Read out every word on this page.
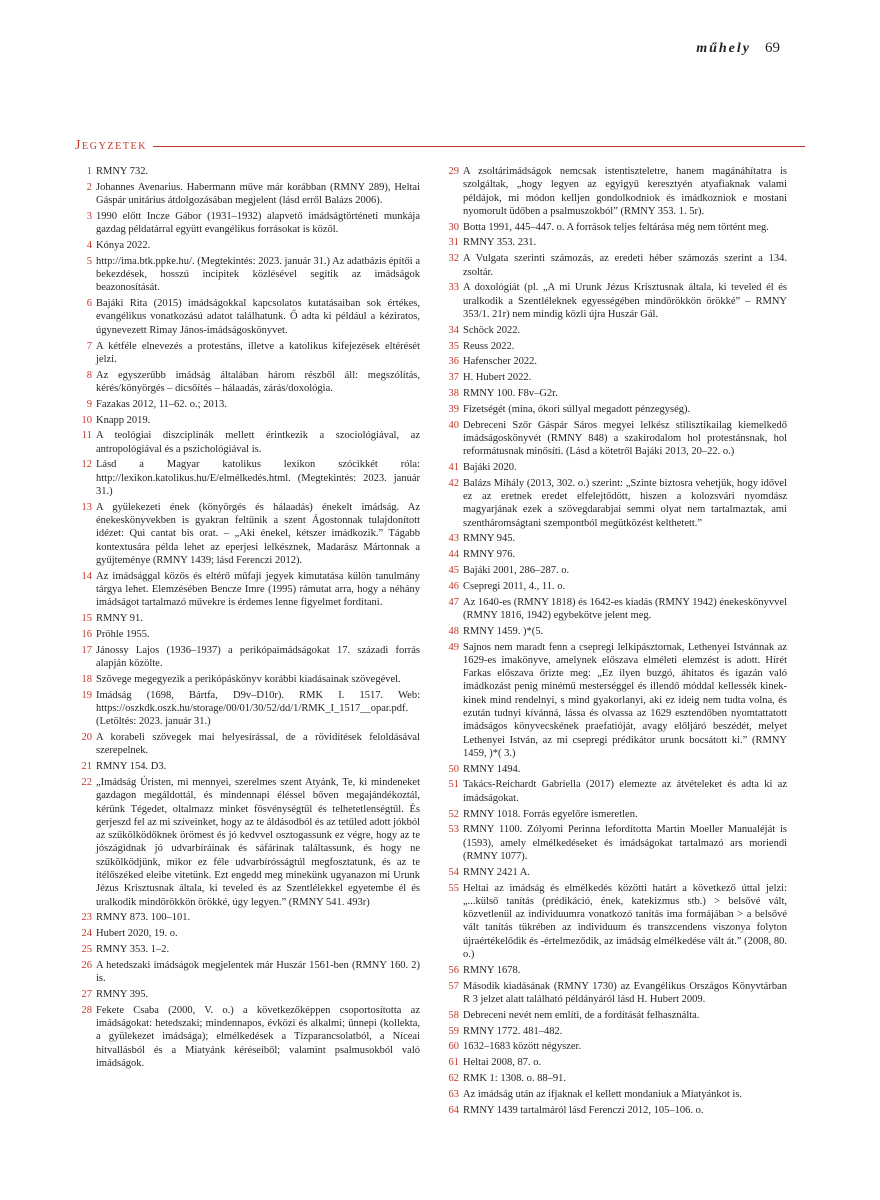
műhely 69
Jegyzetek
1 RMNY 732.
2 Johannes Avenarius. Habermann műve már korábban (RMNY 289), Heltai Gáspár unitárius átdolgozásában megjelent (lásd erről Balázs 2006).
3 1990 előtt Incze Gábor (1931–1932) alapvető imádságtörténeti munkája gazdag példatárral együtt evangélikus forrásokat is közöl.
4 Kónya 2022.
5 http://ima.btk.ppke.hu/. (Megtekintés: 2023. január 31.) Az adatbázis építői a bekezdések, hosszú incipitek közlésével segítik az imádságok beazonosítását.
6 Bajáki Rita (2015) imádságokkal kapcsolatos kutatásaiban sok értékes, evangélikus vonatkozású adatot találhatunk. Ő adta ki például a kéziratos, úgynevezett Rimay János-imádságoskönyvet.
7 A kétféle elnevezés a protestáns, illetve a katolikus kifejezések eltérését jelzi.
8 Az egyszerűbb imádság általában három részből áll: megszólítás, kérés/könyörgés – dicsőítés – hálaadás, zárás/doxológia.
9 Fazakas 2012, 11–62. o.; 2013.
10 Knapp 2019.
11 A teológiai diszciplínák mellett érintkezik a szociológiával, az antropológiával és a pszichológiával is.
12 Lásd a Magyar katolikus lexikon szócikkét róla: http://lexikon.katolikus.hu/E/elmélkedés.html. (Megtekintés: 2023. január 31.)
13 A gyülekezeti ének (könyörgés és hálaadás) énekelt imádság. Az énekeskönyvekben is gyakran feltűnik a szent Ágostonnak tulajdonított idézet: Qui cantat bis orat. – „Aki énekel, kétszer imádkozik.” Tágabb kontextusára példa lehet az eperjesi lelkésznek, Madarász Mártonnak a gyűjteménye (RMNY 1439; lásd Ferenczi 2012).
14 Az imádsággal közös és eltérő műfaji jegyek kimutatása külön tanulmány tárgya lehet. Elemzésében Bencze Imre (1995) rámutat arra, hogy a néhány imádságot tartalmazó művekre is érdemes lenne figyelmet fordítani.
15 RMNY 91.
16 Pröhle 1955.
17 Jánossy Lajos (1936–1937) a perikópaimádságokat 17. századi forrás alapján közölte.
18 Szövege megegyezik a perikópáskönyv korábbi kiadásainak szövegével.
19 Imádság (1698, Bártfa, D9v–D10r). RMK I. 1517. Web: https://oszkdk.oszk.hu/storage/00/01/30/52/dd/1/RMK_I_1517__opar.pdf. (Letöltés: 2023. január 31.)
20 A korabeli szövegek mai helyesírással, de a rövidítések feloldásával szerepelnek.
21 RMNY 154. D3.
22 „Imádság Úristen, mi mennyei, szerelmes szent Atyánk, Te, ki mindeneket gazdagon megáldottál, és mindennapi éléssel bőven megajándékoztál, kérünk Tégedet, oltalmazz minket fösvénységtűl és telhetetlenségtűl. És gerjeszd fel az mi szíveinket, hogy az te áldásodból és az tetűled adott jókból az szűkölködőknek örömest és jó kedvvel osztogassunk ez végre, hogy az te jószágidnak jó udvarbíráinak és sáfárinak találtassunk, és hogy ne szűkölködjünk, mikor ez féle udvarbírósságtúl megfosztatunk, és az te ítélőszéked eleibe vitetünk. Ezt engedd meg minekünk ugyanazon mi Urunk Jézus Krisztusnak általa, ki teveled és az Szentlélekkel egyetembe él és uralkodik mindörökkön örökké, úgy legyen.” (RMNY 541. 493r)
23 RMNY 873. 100–101.
24 Hubert 2020, 19. o.
25 RMNY 353. 1–2.
26 A hetedszaki imádságok megjelentek már Huszár 1561-ben (RMNY 160. 2) is.
27 RMNY 395.
28 Fekete Csaba (2000, V. o.) a következőképpen csoportosította az imádságokat: hetedszaki; mindennapos, évközi és alkalmi; ünnepi (kollekta, a gyülekezet imádsága); elmélkedések a Tízparancsolatból, a Níceai hitvallásból és a Miatyánk kéréseiből; valamint psalmusokból való imádságok.
29 A zsoltárimádságok nemcsak istentiszteletre, hanem magánáhítatra is szolgáltak, „hogy legyen az egyigyű keresztyén atyafiaknak valami példájok, mi módon kelljen gondolkodniok és imádkozniok e mostani nyomorult üdőben a psalmuszokból” (RMNY 353. 1. 5r).
30 Botta 1991, 445–447. o. A források teljes feltárása még nem történt meg.
31 RMNY 353. 231.
32 A Vulgata szerinti számozás, az eredeti héber számozás szerint a 134. zsoltár.
33 A doxológiát (pl. „A mi Urunk Jézus Krisztusnak általa, ki teveled él és uralkodik a Szentléleknek egyességében mindörökkön örökké” – RMNY 353/1. 21r) nem mindig közli újra Huszár Gál.
34 Schöck 2022.
35 Reuss 2022.
36 Hafenscher 2022.
37 H. Hubert 2022.
38 RMNY 100. F8v–G2r.
39 Fizetségét (mina, ókori súllyal megadott pénzegység).
40 Debreceni Szőr Gáspár Sáros megyei lelkész stilisztikailag kiemelkedő imádságoskönyvét (RMNY 848) a szakirodalom hol protestánsnak, hol reformátusnak minősíti. (Lásd a kötetről Bajáki 2013, 20–22. o.)
41 Bajáki 2020.
42 Balázs Mihály (2013, 302. o.) szerint: „Szinte biztosra vehetjük, hogy idővel ez az eretnek eredet elfelejtődött, hiszen a kolozsvári nyomdász magyarjának ezek a szövegdarabjai semmi olyat nem tartalmaztak, ami szentháromságtani szempontból megütközést kelthetett.”
43 RMNY 945.
44 RMNY 976.
45 Bajáki 2001, 286–287. o.
46 Csepregi 2011, 4., 11. o.
47 Az 1640-es (RMNY 1818) és 1642-es kiadás (RMNY 1942) énekeskönyvvel (RMNY 1816, 1942) egybekötve jelent meg.
48 RMNY 1459. )*(5.
49 Sajnos nem maradt fenn a csepregi lelkipásztornak, Lethenyei Istvánnak az 1629-es imakönyve, amelynek előszava elméleti elemzést is adott. Hírét Farkas előszava őrizte meg: „Ez ilyen buzgó, áhitatos és igazán való imádkozást penig minémű mesterséggel és illendő móddal kellessék kinek-kinek mind rendelnyi, s mind gyakorlanyi, aki ez ideig nem tudta volna, és ezután tudnyi kívánná, lássa és olvassa az 1629 esztendőben nyomtattatott imádságos könyvecskének praefatióját, avagy előljáró beszédét, melyet Lethenyei István, az mi csepregi prédikátor urunk bocsátott ki.” (RMNY 1459, )*( 3.)
50 RMNY 1494.
51 Takács-Reichardt Gabriella (2017) elemezte az átvételeket és adta ki az imádságokat.
52 RMNY 1018. Forrás egyelőre ismeretlen.
53 RMNY 1100. Zólyomi Perinna lefordította Martin Moeller Manualéját is (1593), amely elmélkedéseket és imádságokat tartalmazó ars moriendi (RMNY 1077).
54 RMNY 2421 A.
55 Heltai az imádság és elmélkedés közötti határt a következő úttal jelzi: „...külső tanítás (prédikáció, ének, katekizmus stb.) > belsővé vált, közvetlenül az individuumra vonatkozó tanítás ima formájában > a belsővé vált tanítás tükrében az individuum és transzcendens viszonya folyton újraértékelődik és -értelmeződik, az imádság elmélkedése vált át.” (2008, 80. o.)
56 RMNY 1678.
57 Második kiadásának (RMNY 1730) az Evangélikus Országos Könyvtárban R 3 jelzet alatt található példányáról lásd H. Hubert 2009.
58 Debreceni nevét nem említi, de a fordítását felhasználta.
59 RMNY 1772. 481–482.
60 1632–1683 között négyszer.
61 Heltai 2008, 87. o.
62 RMK 1: 1308. o. 88–91.
63 Az imádság után az ifjaknak el kellett mondaniuk a Miatyánkot is.
64 RMNY 1439 tartalmáról lásd Ferenczi 2012, 105–106. o.
